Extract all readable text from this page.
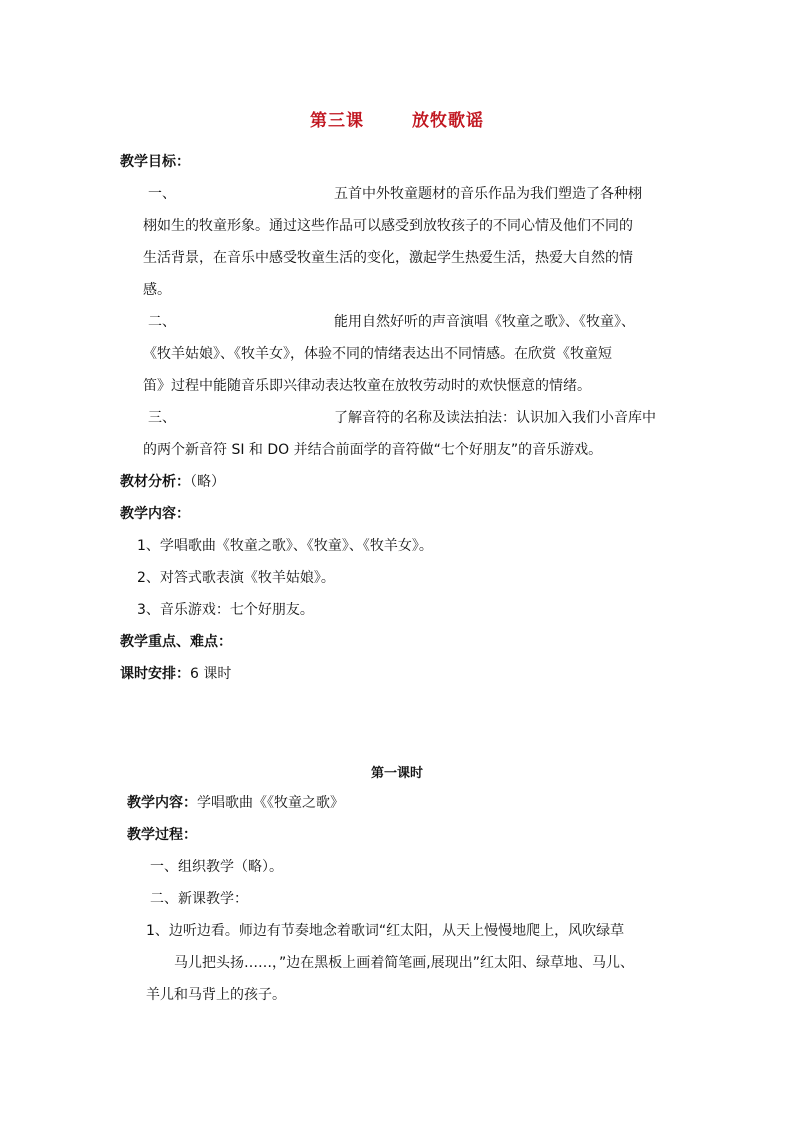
第三课	放牧歌谣
教学目标：
一、	五首中外牧童题材的音乐作品为我们塑造了各种栩
栩如生的牧童形象。通过这些作品可以感受到放牧孩子的不同心情及他们不同的
生活背景，在音乐中感受牧童生活的变化，激起学生热爱生活，热爱大自然的情
感。
二、	能用自然好听的声音演唱《牧童之歌》、《牧童》、
《牧羊姑娘》、《牧羊女》，体验不同的情绪表达出不同情感。在欣赏《牧童短
笛》过程中能随音乐即兴律动表达牧童在放牧劳动时的欢快惬意的情绪。
三、	了解音符的名称及读法拍法：认识加入我们小音库中
的两个新音符 SI 和 DO 并结合前面学的音符做“七个好朋友”的音乐游戏。
教材分析：（略）
教学内容：
1、学唱歌曲《牧童之歌》、《牧童》、《牧羊女》。
2、对答式歌表演《牧羊姑娘》。
3、音乐游戏：七个好朋友。
教学重点、难点：
课时安排：6 课时
第一课时
教学内容：学唱歌曲《《牧童之歌》
教学过程：
一、组织教学（略）。
二、新课教学：
1、边听边看。师边有节奏地念着歌词“红太阳，从天上慢慢地爬上，风吹绿草
马儿把头扬……，”边在黑板上画着简笔画,展现出”红太阳、绿草地、马儿、
羊儿和马背上的孩子。
